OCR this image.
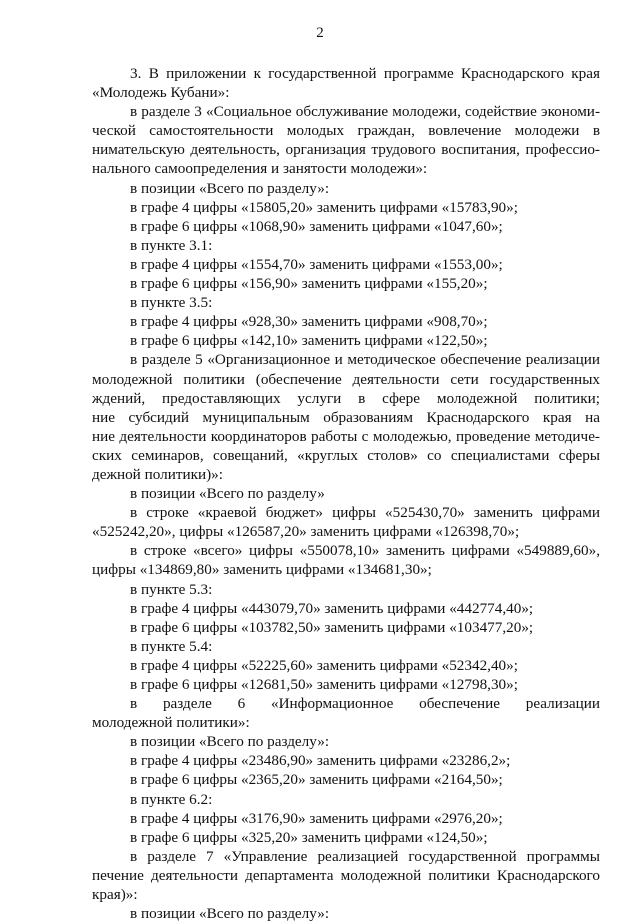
2
3. В приложении к государственной программе Краснодарского края
«Молодежь Кубани»:
в разделе 3 «Социальное обслуживание молодежи, содействие экономи-
ческой самостоятельности молодых граждан, вовлечение молодежи в
нимательскую деятельность, организация трудового воспитания, профессио-
нального самоопределения и занятости молодежи»:
в позиции «Всего по разделу»:
в графе 4 цифры «15805,20» заменить цифрами «15783,90»;
в графе 6 цифры «1068,90» заменить цифрами «1047,60»;
в пункте 3.1:
в графе 4 цифры «1554,70» заменить цифрами «1553,00»;
в графе 6 цифры «156,90» заменить цифрами «155,20»;
в пункте 3.5:
в графе 4 цифры «928,30» заменить цифрами «908,70»;
в графе 6 цифры «142,10» заменить цифрами «122,50»;
в разделе 5 «Организационное и методическое обеспечение реализации
молодежной политики (обеспечение деятельности сети государственных
ждений, предоставляющих услуги в сфере молодежной политики;
ние субсидий муниципальным образованиям Краснодарского края на
ние деятельности координаторов работы с молодежью, проведение методиче-
ских семинаров, совещаний, «круглых столов» со специалистами сферы
дежной политики)»:
в позиции «Всего по разделу»
в строке «краевой бюджет» цифры «525430,70» заменить цифрами
«525242,20», цифры «126587,20» заменить цифрами «126398,70»;
в строке «всего» цифры «550078,10» заменить цифрами «549889,60»,
цифры «134869,80» заменить цифрами «134681,30»;
в пункте 5.3:
в графе 4 цифры «443079,70» заменить цифрами «442774,40»;
в графе 6 цифры «103782,50» заменить цифрами «103477,20»;
в пункте 5.4:
в графе 4 цифры «52225,60» заменить цифрами «52342,40»;
в графе 6 цифры «12681,50» заменить цифрами «12798,30»;
в разделе 6 «Информационное обеспечение реализации
молодежной политики»:
в позиции «Всего по разделу»:
в графе 4 цифры «23486,90» заменить цифрами «23286,2»;
в графе 6 цифры «2365,20» заменить цифрами «2164,50»;
в пункте 6.2:
в графе 4 цифры «3176,90» заменить цифрами «2976,20»;
в графе 6 цифры «325,20» заменить цифрами «124,50»;
в разделе 7 «Управление реализацией государственной программы
печение деятельности департамента молодежной политики Краснодарского
края)»:
в позиции «Всего по разделу»:
